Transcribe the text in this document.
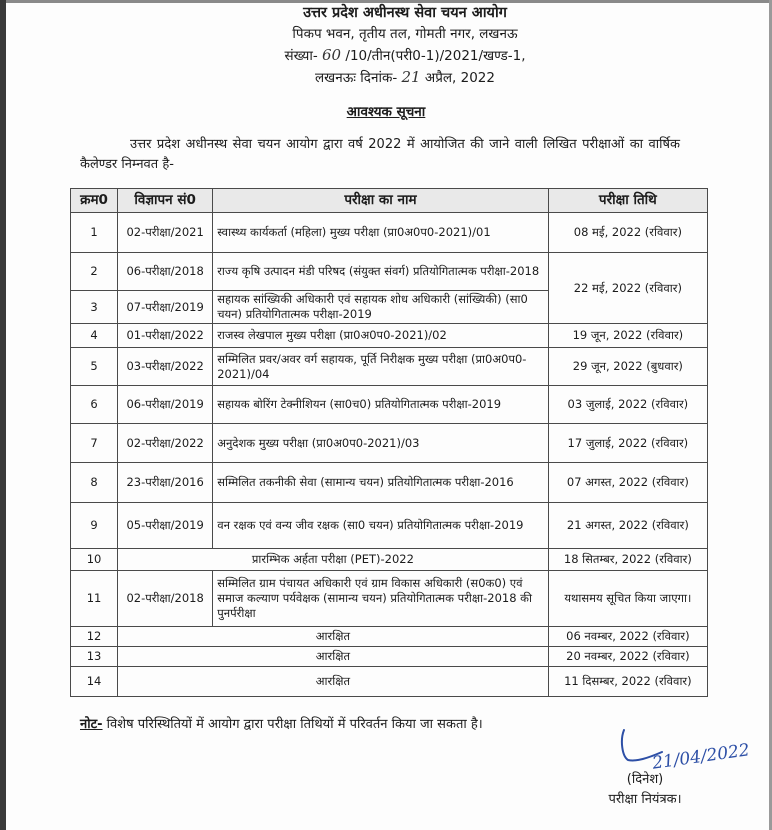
उत्तर प्रदेश अधीनस्थ सेवा चयन आयोग
पिकप भवन, तृतीय तल, गोमती नगर, लखनऊ
संख्या- 60 /10/तीन(परी0-1)/2021/खण्ड-1,
लखनऊः दिनांक- 21 अप्रैल, 2022
आवश्यक सूचना
उत्तर प्रदेश अधीनस्थ सेवा चयन आयोग द्वारा वर्ष 2022 में आयोजित की जाने वाली लिखित परीक्षाओं का वार्षिक कैलेण्डर निम्नवत है-
क्रम0	विज्ञापन सं0	परीक्षा का नाम	परीक्षा तिथि
1	02-परीक्षा/2021	स्वास्थ्य कार्यकर्ता (महिला) मुख्य परीक्षा (प्रा0अ0प0-2021)/01	08 मई, 2022 (रविवार)
2	06-परीक्षा/2018	राज्य कृषि उत्पादन मंडी परिषद (संयुक्त संवर्ग) प्रतियोगितात्मक परीक्षा-2018	22 मई, 2022 (रविवार)
3	07-परीक्षा/2019	सहायक सांख्यिकी अधिकारी एवं सहायक शोध अधिकारी (सांख्यिकी) (सा0 चयन) प्रतियोगितात्मक परीक्षा-2019	
4	01-परीक्षा/2022	राजस्व लेखपाल मुख्य परीक्षा (प्रा0अ0प0-2021)/02	19 जून, 2022 (रविवार)
5	03-परीक्षा/2022	सम्मिलित प्रवर/अवर वर्ग सहायक, पूर्ति निरीक्षक मुख्य परीक्षा (प्रा0अ0प0-2021)/04	29 जून, 2022 (बुधवार)
6	06-परीक्षा/2019	सहायक बोरिंग टेक्नीशियन (सा0च0) प्रतियोगितात्मक परीक्षा-2019	03 जुलाई, 2022 (रविवार)
7	02-परीक्षा/2022	अनुदेशक मुख्य परीक्षा (प्रा0अ0प0-2021)/03	17 जुलाई, 2022 (रविवार)
8	23-परीक्षा/2016	सम्मिलित तकनीकी सेवा (सामान्य चयन) प्रतियोगितात्मक परीक्षा-2016	07 अगस्त, 2022 (रविवार)
9	05-परीक्षा/2019	वन रक्षक एवं वन्य जीव रक्षक (सा0 चयन) प्रतियोगितात्मक परीक्षा-2019	21 अगस्त, 2022 (रविवार)
10	प्रारम्भिक अर्हता परीक्षा (PET)-2022		18 सितम्बर, 2022 (रविवार)
11	02-परीक्षा/2018	सम्मिलित ग्राम पंचायत अधिकारी एवं ग्राम विकास अधिकारी (स0क0) एवं समाज कल्याण पर्यवेक्षक (सामान्य चयन) प्रतियोगितात्मक परीक्षा-2018 की पुनर्परीक्षा	यथासमय सूचित किया जाएगा।
12	आरक्षित		06 नवम्बर, 2022 (रविवार)
13	आरक्षित		20 नवम्बर, 2022 (रविवार)
14	आरक्षित		11 दिसम्बर, 2022 (रविवार)
नोट- विशेष परिस्थितियों में आयोग द्वारा परीक्षा तिथियों में परिवर्तन किया जा सकता है।
21/04/2022
(दिनेश)
परीक्षा नियंत्रक।
